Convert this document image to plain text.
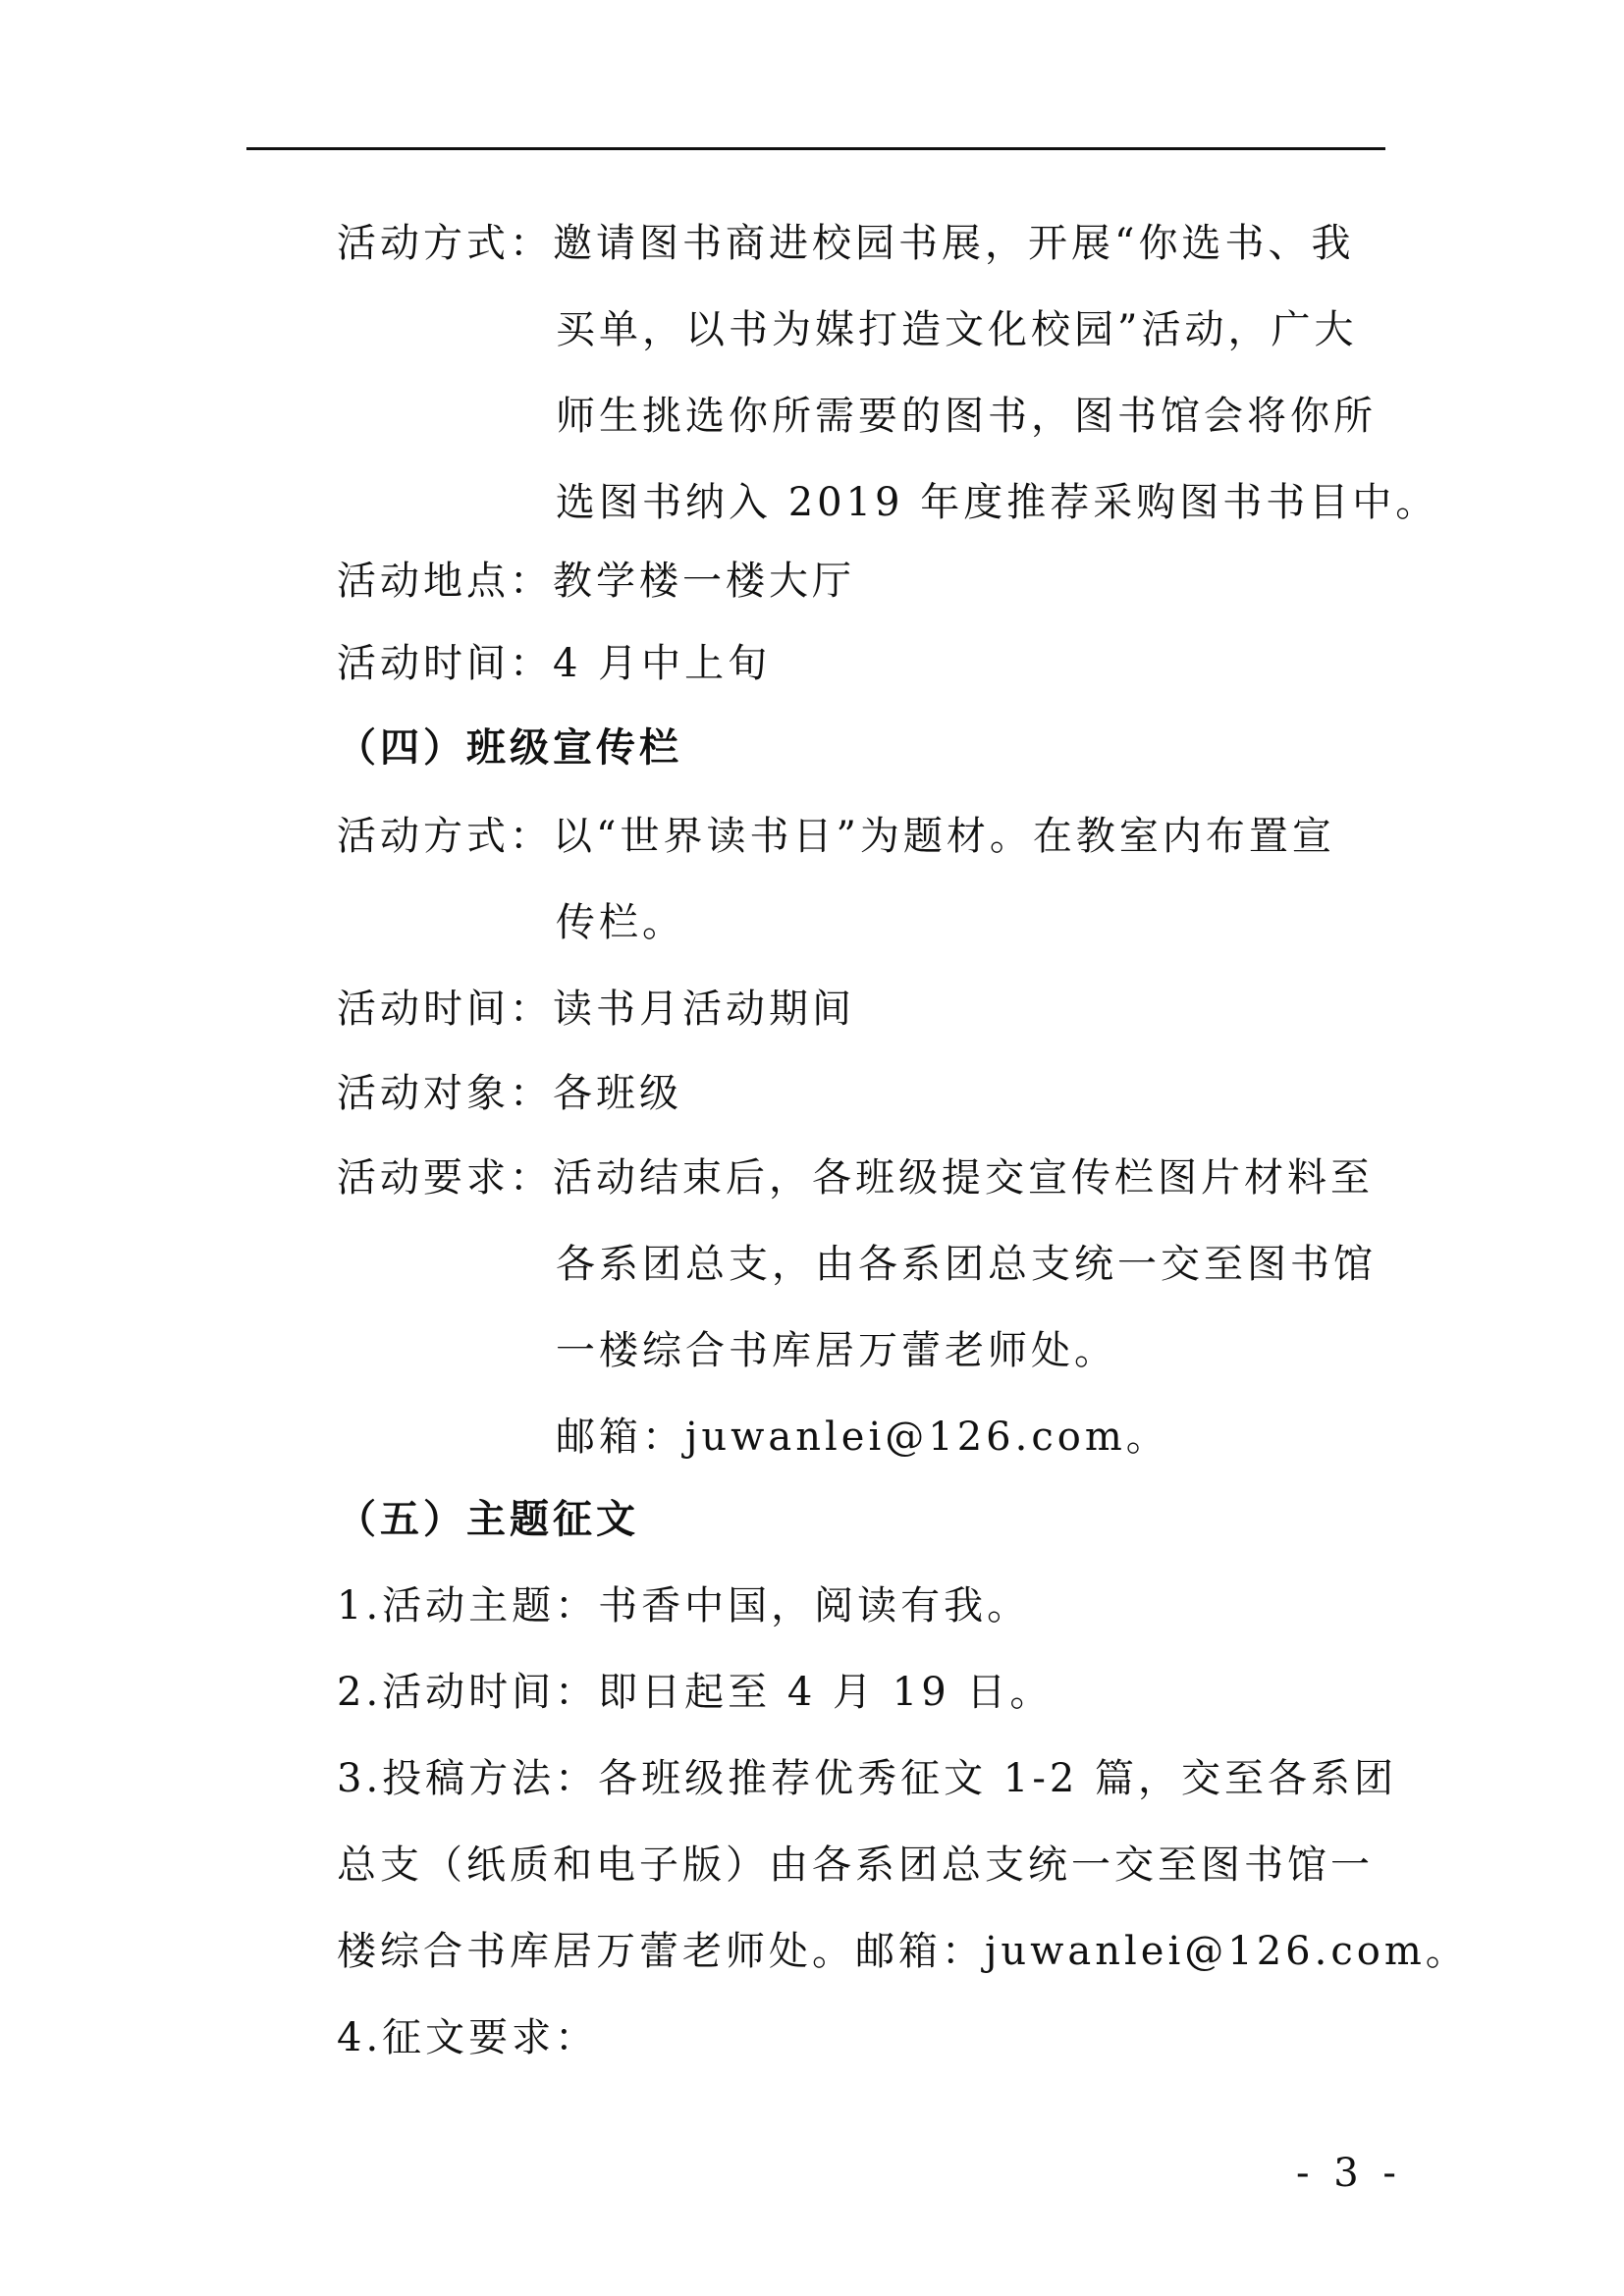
活动方式：邀请图书商进校园书展，开展“你选书、我
买单，以书为媒打造文化校园”活动，广大
师生挑选你所需要的图书，图书馆会将你所
选图书纳入 2019 年度推荐采购图书书目中。
活动地点：教学楼一楼大厅
活动时间：4 月中上旬
（四）班级宣传栏
活动方式：以“世界读书日”为题材。在教室内布置宣
传栏。
活动时间：读书月活动期间
活动对象：各班级
活动要求：活动结束后，各班级提交宣传栏图片材料至
各系团总支，由各系团总支统一交至图书馆
一楼综合书库居万蕾老师处。
邮箱：juwanlei@126.com。
（五）主题征文
1.活动主题：书香中国，阅读有我。
2.活动时间：即日起至 4 月 19 日。
3.投稿方法：各班级推荐优秀征文 1-2 篇，交至各系团
总支（纸质和电子版）由各系团总支统一交至图书馆一
楼综合书库居万蕾老师处。邮箱：juwanlei@126.com。
4.征文要求：
- 3 -
